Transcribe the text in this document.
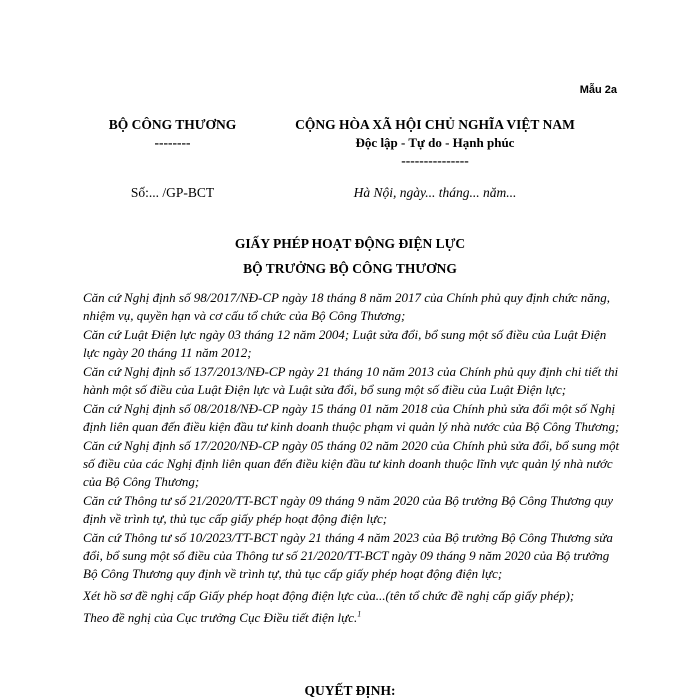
Mẫu 2a
BỘ CÔNG THƯƠNG
--------
CỘNG HÒA XÃ HỘI CHỦ NGHĨA VIỆT NAM
Độc lập - Tự do - Hạnh phúc
---------------
Số:... /GP-BCT	Hà Nội, ngày... tháng... năm...
GIẤY PHÉP HOẠT ĐỘNG ĐIỆN LỰC
BỘ TRƯỞNG BỘ CÔNG THƯƠNG

Căn cứ Nghị định số 98/2017/NĐ-CP ngày 18 tháng 8 năm 2017 của Chính phủ quy định chức năng, nhiệm vụ, quyền hạn và cơ cấu tổ chức của Bộ Công Thương;

Căn cứ Luật Điện lực ngày 03 tháng 12 năm 2004; Luật sửa đổi, bổ sung một số điều của Luật Điện lực ngày 20 tháng 11 năm 2012;

Căn cứ Nghị định số 137/2013/NĐ-CP ngày 21 tháng 10 năm 2013 của Chính phủ quy định chi tiết thi hành một số điều của Luật Điện lực và Luật sửa đổi, bổ sung một số điều của Luật Điện lực;

Căn cứ Nghị định số 08/2018/NĐ-CP ngày 15 tháng 01 năm 2018 của Chính phủ sửa đổi một số Nghị định liên quan đến điều kiện đầu tư kinh doanh thuộc phạm vi quản lý nhà nước của Bộ Công Thương;

Căn cứ Nghị định số 17/2020/NĐ-CP ngày 05 tháng 02 năm 2020 của Chính phủ sửa đổi, bổ sung một số điều của các Nghị định liên quan đến điều kiện đầu tư kinh doanh thuộc lĩnh vực quản lý nhà nước của Bộ Công Thương;

Căn cứ Thông tư số 21/2020/TT-BCT ngày 09 tháng 9 năm 2020 của Bộ trưởng Bộ Công Thương quy định về trình tự, thủ tục cấp giấy phép hoạt động điện lực;

Căn cứ Thông tư số 10/2023/TT-BCT ngày 21 tháng 4 năm 2023 của Bộ trưởng Bộ Công Thương sửa đổi, bổ sung một số điều của Thông tư số 21/2020/TT-BCT ngày 09 tháng 9 năm 2020 của Bộ trưởng Bộ Công Thương quy định về trình tự, thủ tục cấp giấy phép hoạt động điện lực;

Xét hồ sơ đề nghị cấp Giấy phép hoạt động điện lực của...(tên tổ chức đề nghị cấp giấy phép);

Theo đề nghị của Cục trưởng Cục Điều tiết điện lực.$^1$

QUYẾT ĐỊNH:
